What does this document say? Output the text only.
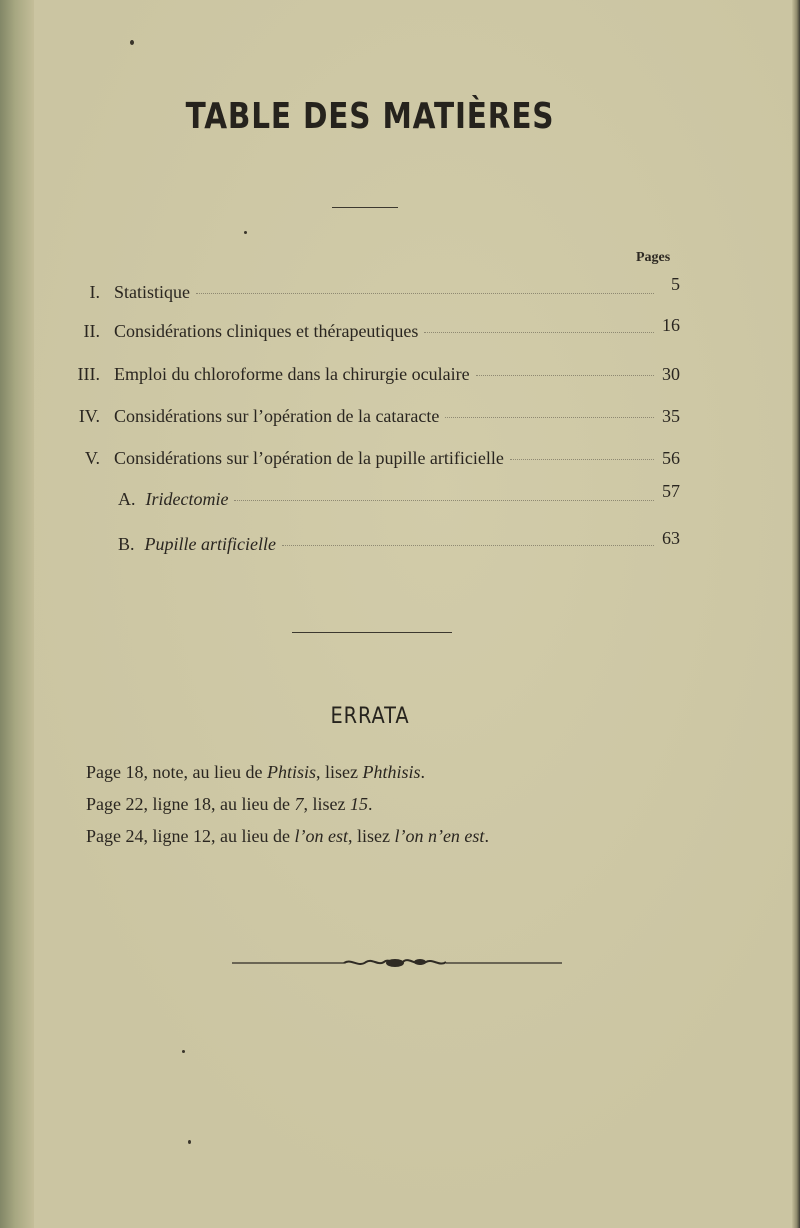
TABLE DES MATIÈRES
Pages
I. Statistique	5
II. Considérations cliniques et thérapeutiques	16
III. Emploi du chloroforme dans la chirurgie oculaire	30
IV. Considérations sur l’opération de la cataracte	35
V. Considérations sur l’opération de la pupille artificielle	56
A. Iridectomie	57
B. Pupille artificielle	63
ERRATA
Page 18, note, au lieu de Phtisis, lisez Phthisis.
Page 22, ligne 18, au lieu de 7, lisez 15.
Page 24, ligne 12, au lieu de l’on est, lisez l’on n’en est.
